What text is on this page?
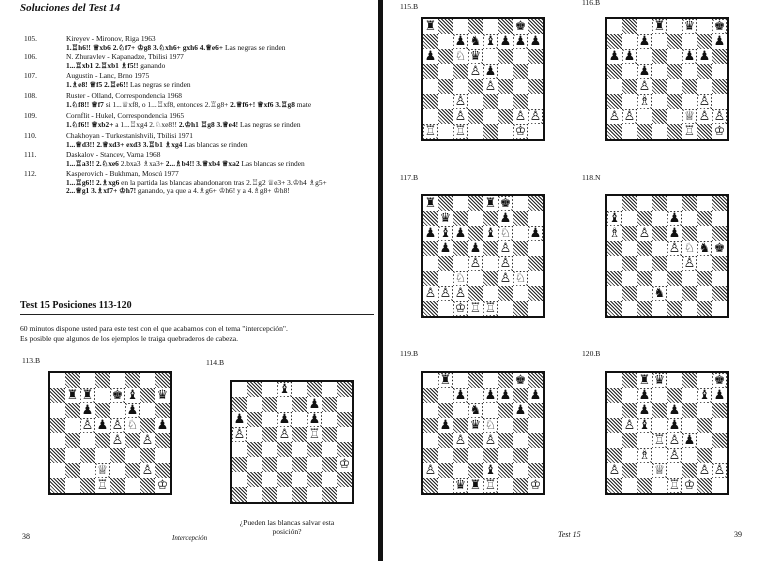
Soluciones del Test 14
105.	Kireyev - Mironov, Riga 1963
1.♖h6!! ♕xb6 2.♘f7+ ♔g8 3.♘xh6+ gxh6 4.♕e6+ Las negras se rinden
106.	N. Zhuravlev - Kapanadze, Tbilisi 1977
1...♖xb1 2.♖xb1 ♗f5!! ganando
107.	Augustin - Lanc, Brno 1975
1.♗e8! ♕f5 2.♖e6!! Las negras se rinden
108.	Ruster - Olland, Correspondencia 1968
1.♘f8!! ♕f7 si 1...♕xf8, o 1...♖xf8, entonces 2.♖g8+ 2.♕f6+! ♕xf6 3.♖g8 mate
109.	Cornflit - Hukel, Correspondencia 1965
1.♘f6!! ♕xb2+ a 1...♖xg4 2.♘xe8!! 2.♔h1 ♖g8 3.♕e4! Las negras se rinden
110.	Chakhoyan - Turkestanishvili, Tbilisi 1971
1...♕d3!! 2.♕xd3+ exd3 3.♖b1 ♗xg4 Las blancas se rinden
111.	Daskalov - Stancev, Varna 1968
1...♖a3!! 2.♘xe6 2.bxa3 ♗xa3+ 2...♗b4!! 3.♕xb4 ♕xa2 Las blancas se rinden
112.	Kasperovich - Bukhman, Moscú 1977
1...♖g6!! 2.♗xg6 en la partida las blancas abandonaron tras 2.♖g2 ♕e3+ 3.♔h4 ♗g5+
2...♕g1 3.♗xf7+ ♔h7! ganando, ya que a 4.♗g6+ ♔h6! y a 4.♗g8+ ♔h8!
Test 15 Posiciones 113-120
60 minutos dispone usted para este test con el que acabamos con el tema "intercepción".
Es posible que algunos de los ejemplos le traiga quebraderos de cabeza.
113.B
♜ ♜ ♚ ♝ ♛
♟	♟
♙ ♟ ♙ ♘ ♟
♙ ♙
♕	♙
♖	♔
114.B
♝
♟
♟	♟ ♟
♙	♙ ♖
♔
¿Pueden las blancas salvar esta
posición?
38	Intercepción
115.B
♜	♚
♟ ♞ ♝ ♟ ♟ ♟
♟ ♘ ♛
♙ ♟
♙
♙
♙	♙ ♙
♖ ♖	♔
116.B
♜ ♛ ♚
♟	♟
♟ ♟	♟ ♟
♟
♙
♗	♙
♙ ♙	♕ ♙ ♙
♖ ♔
117.B
♜	♜ ♚
♛	♟
♟ ♝ ♟ ♝ ♘ ♟
♟ ♟ ♙
♙ ♙
♘	♙ ♘
♙ ♙ ♙
♔ ♖ ♖
118.N
♝	♟
♗ ♙ ♟
♙ ♘ ♞ ♚
♙
♞
119.B
♜	♚
♟ ♟ ♟ ♟
♞	♟
♟ ♛ ♘
♙ ♙
♙	♝
♛ ♜ ♖	♔
120.B
♜ ♛	♚
♟	♝ ♟
♟ ♟
♙ ♝ ♟
♖ ♙ ♟
♗ ♙
♙	♕	♙ ♙
♖ ♔
Test 15	39
